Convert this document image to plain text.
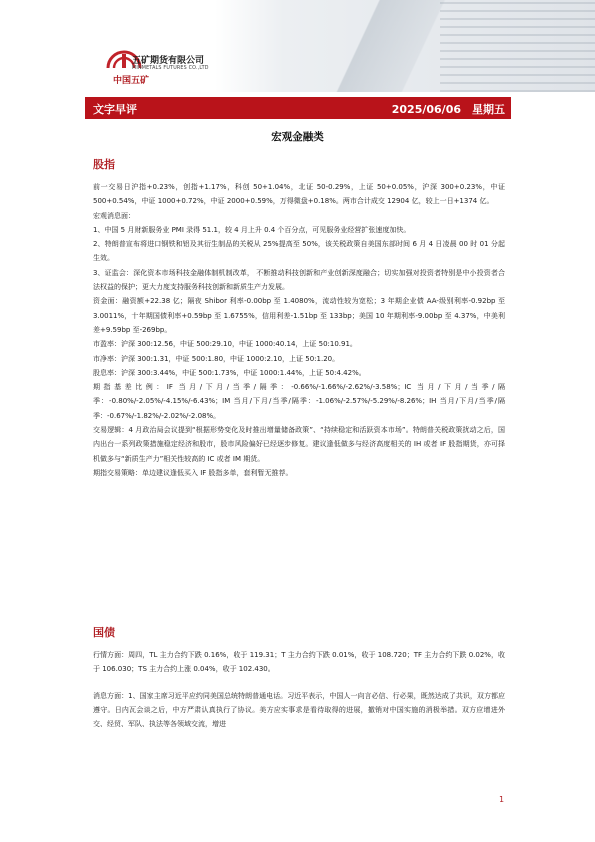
五矿期货有限公司
MINMETALS FUTURES CO.,LTD
中国五矿
文字早评	2025/06/06　星期五
宏观金融类
股指

前一交易日沪指+0.23%，创指+1.17%，科创 50+1.04%，北证 50-0.29%，上证 50+0.05%，沪深 300+0.23%，中证 500+0.54%，中证 1000+0.72%，中证 2000+0.59%，万得微盘+0.18%。两市合计成交 12904 亿，较上一日+1374 亿。

宏观消息面：

1、中国 5 月财新服务业 PMI 录得 51.1，较 4 月上升 0.4 个百分点，可见服务业经营扩张速度加快。

2、特朗普宣布将进口钢铁和铝及其衍生制品的关税从 25%提高至 50%，该关税政策自美国东部时间 6 月 4 日凌晨 00 时 01 分起生效。

3、证监会：深化资本市场科技金融体制机制改革， 不断推动科技创新和产业创新深度融合；切实加强对投资者特别是中小投资者合法权益的保护；更大力度支持服务科技创新和新质生产力发展。

资金面：融资额+22.38 亿；隔夜 Shibor 利率-0.00bp 至 1.4080%，流动性较为宽松；3 年期企业债 AA-级别利率-0.92bp 至 3.0011%，十年期国债利率+0.59bp 至 1.6755%，信用利差-1.51bp 至 133bp；美国 10 年期利率-9.00bp 至 4.37%，中美利差+9.59bp 至-269bp。

市盈率：沪深 300:12.56，中证 500:29.10，中证 1000:40.14，上证 50:10.91。

市净率：沪深 300:1.31，中证 500:1.80，中证 1000:2.10，上证 50:1.20。

股息率：沪深 300:3.44%，中证 500:1.73%，中证 1000:1.44%，上证 50:4.42%。

期指基差比例：IF 当月/下月/当季/隔季：-0.66%/-1.66%/-2.62%/-3.58%；IC 当月/下月/当季/隔季：-0.80%/-2.05%/-4.15%/-6.43%；IM 当月/下月/当季/隔季：-1.06%/-2.57%/-5.29%/-8.26%；IH 当月/下月/当季/隔季：-0.67%/-1.82%/-2.02%/-2.08%。

交易逻辑：4 月政治局会议提到“根据形势变化及时推出增量储备政策”、“持续稳定和活跃资本市场”。特朗普关税政策扰动之后，国内出台一系列政策措施稳定经济和股市，股市风险偏好已经逐步修复。建议逢低做多与经济高度相关的 IH 或者 IF 股指期货，亦可择机做多与“新质生产力”相关性较高的 IC 或者 IM 期货。

期指交易策略：单边建议逢低买入 IF 股指多单，套利暂无推荐。

国债

行情方面：周四，TL 主力合约下跌 0.16%，收于 119.31；T 主力合约下跌 0.01%，收于 108.720；TF 主力合约下跌 0.02%，收于 106.030；TS 主力合约上涨 0.04%，收于 102.430。

消息方面：1、国家主席习近平应约同美国总统特朗普通电话。习近平表示，中国人一向言必信、行必果，既然达成了共识，双方都应遵守。日内瓦会谈之后，中方严肃认真执行了协议。美方应实事求是看待取得的进展，撤销对中国实施的消极举措。双方应增进外交、经贸、军队、执法等各领域交流，增进

1
